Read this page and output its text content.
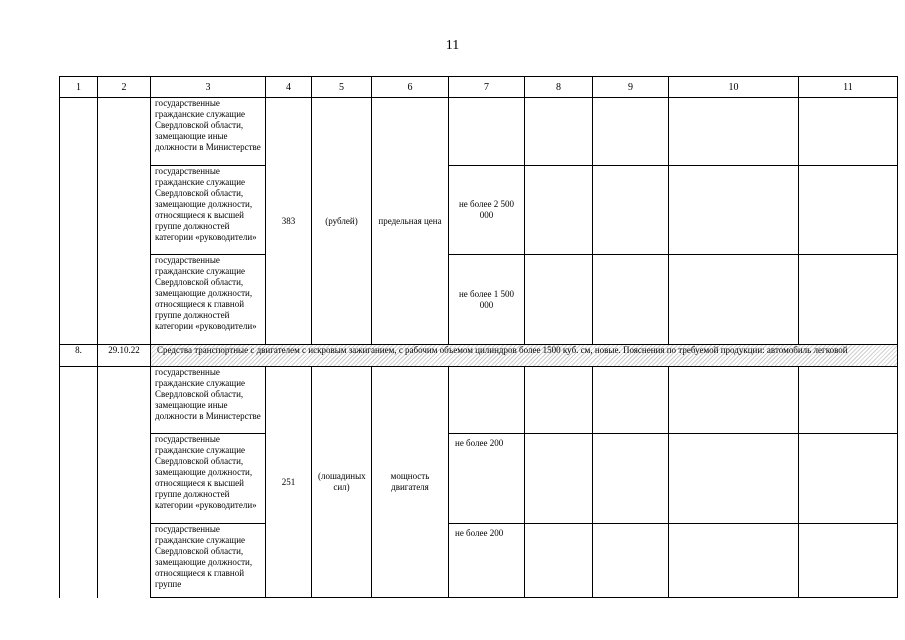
11
1	2	3	4	5	6	7	8	9	10	11
		государственные гражданские служащие Свердловской области, замещающие иные должности в Министерстве	383	(рублей)	предельная цена					
		государственные гражданские служащие Свердловской области, замещающие должности, относящиеся к высшей группе должностей категории «руководители»				не более 2 500 000				
		государственные гражданские служащие Свердловской области, замещающие должности, относящиеся к главной группе должностей категории «руководители»				не более 1 500 000				
8.	29.10.22	Средства транспортные с двигателем с искровым зажиганием, с рабочим объемом цилиндров более 1500 куб. см, новые. Пояснения по требуемой продукции: автомобиль легковой								
		государственные гражданские служащие Свердловской области, замещающие иные должности в Министерстве	251	(лошадиных сил)	мощность двигателя					
		государственные гражданские служащие Свердловской области, замещающие должности, относящиеся к высшей группе должностей категории «руководители»				не более 200				
		государственные гражданские служащие Свердловской области, замещающие должности, относящиеся к главной группе				не более 200				
